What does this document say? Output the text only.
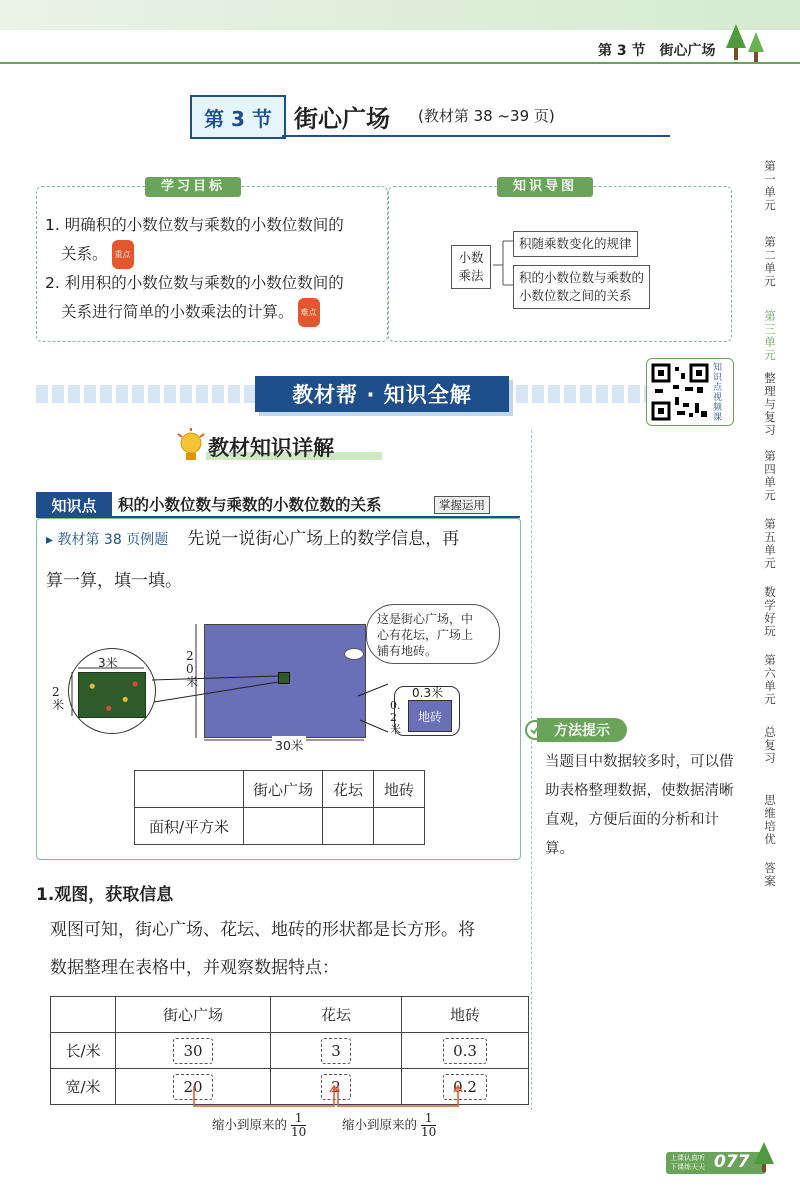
第 3 节　街心广场
第 3 节 街心广场 (教材第 38 ~39 页)
学习目标
1. 明确积的小数位数与乘数的小数位数间的
关系。 重点
2. 利用积的小数位数与乘数的小数位数间的
关系进行简单的小数乘法的计算。 难点
知识导图
小数
乘法
积随乘数变化的规律
积的小数位数与乘数的
小数位数之间的关系
知识点视频课
教材帮 · 知识全解
教材知识详解
知识点	积的小数位数与乘数的小数位数的关系	掌握运用
▸ 教材第 38 页例题 先说一说街心广场上的数学信息，再
算一算，填一填。
3米
2米
地砖
0.3米
0.2米
20米
30米
这是街心广场，中
心有花坛，广场上
铺有地砖。
	街心广场	花坛	地砖
面积/平方米			
方法提示
当题目中数据较多时，可以借助表格整理数据，使数据清晰直观，方便后面的分析和计算。
1.观图，获取信息
观图可知，街心广场、花坛、地砖的形状都是长方形。将
数据整理在表格中，并观察数据特点：
	街心广场	花坛	地砖
长/米	30	3	0.3
宽/米	20	2	0.2
缩小到原来的 $\frac{1}{10}$	缩小到原来的 $\frac{1}{10}$
第一单元
第二单元
第三单元
整理与复习
第四单元
第五单元
数学好玩
第六单元
总复习
思维培优
答案
上课认真听
下课练天天 077
